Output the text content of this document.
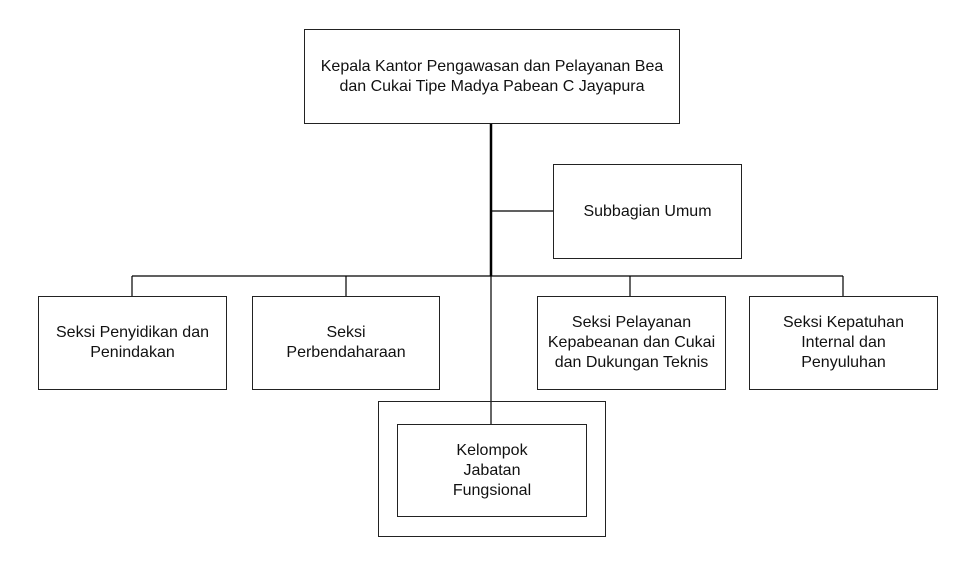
Kepala Kantor Pengawasan dan Pelayanan Bea dan Cukai Tipe Madya Pabean C Jayapura
Subbagian Umum
Seksi Penyidikan dan Penindakan
Seksi Perbendaharaan
Seksi Pelayanan Kepabeanan dan Cukai dan Dukungan Teknis
Seksi Kepatuhan Internal dan Penyuluhan
Kelompok Jabatan Fungsional
